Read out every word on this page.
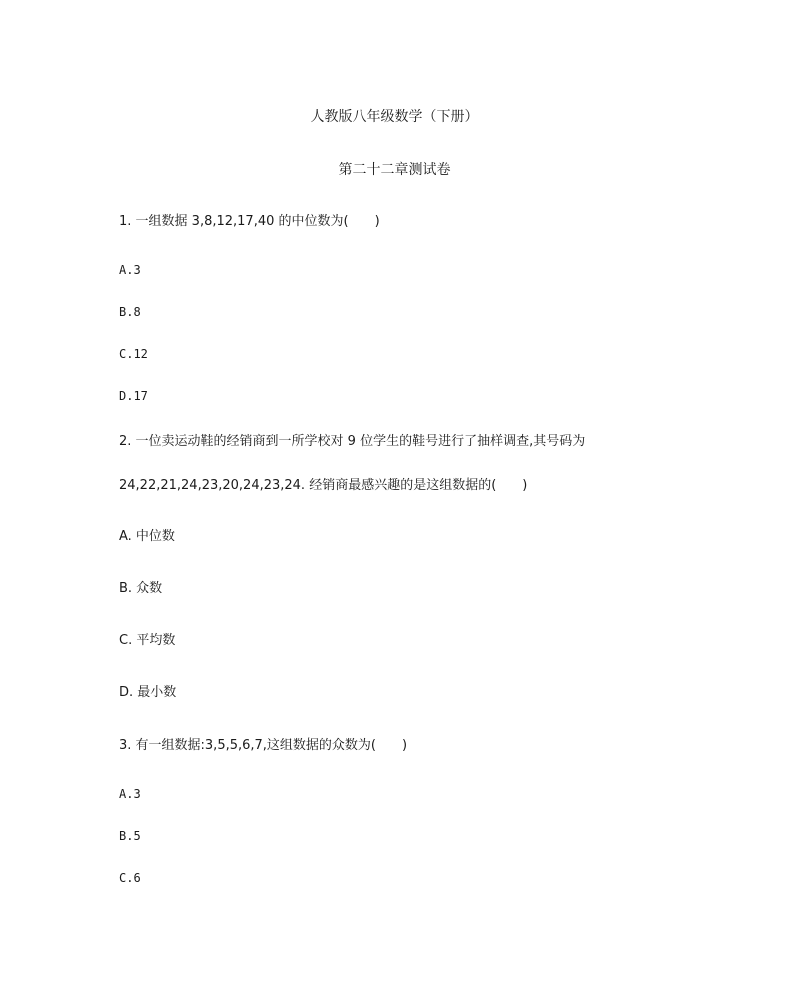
人教版八年级数学（下册）
第二十二章测试卷
1. 一组数据 3,8,12,17,40 的中位数为(　　)
A.3
B.8
C.12
D.17
2. 一位卖运动鞋的经销商到一所学校对 9 位学生的鞋号进行了抽样调查,其号码为
24,22,21,24,23,20,24,23,24. 经销商最感兴趣的是这组数据的(　　)
A. 中位数
B. 众数
C. 平均数
D. 最小数
3. 有一组数据:3,5,5,6,7,这组数据的众数为(　　)
A.3
B.5
C.6
